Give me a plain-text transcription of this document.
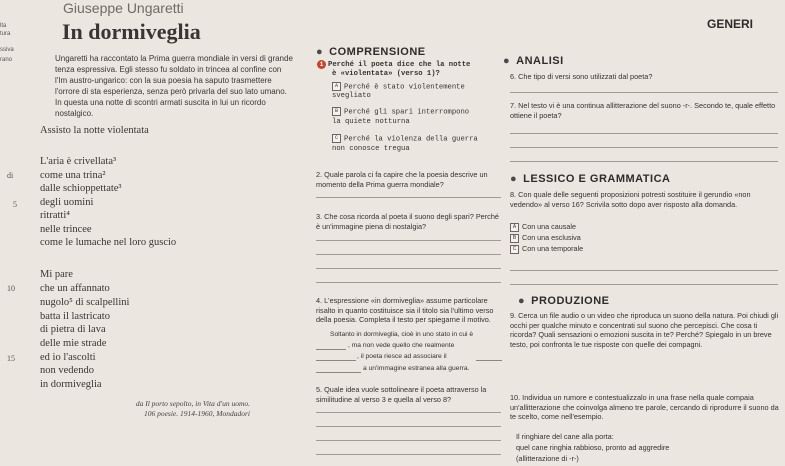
Giuseppe Ungaretti
In dormiveglia	GENERI
lta
tura
ssiva
rano	Ungaretti ha raccontato la Prima guerra mondiale in versi di grande tenza espressiva. Egli stesso fu soldato in trincea al confine con l'Im austro-ungarico: con la sua poesia ha saputo trasmettere l'orrore di sta esperienza, senza però privarla del suo lato umano. In questa una notte di scontri armati suscita in lui un ricordo nostalgico.
Assisto la notte violentata
L'aria è crivellata³
di	come una trina²
dalle schioppettate³
5 degli uomini
ritratti⁴
nelle trincee
come le lumache nel loro guscio
Mi pare
10 che un affannato
nugolo⁵ di scalpellini
batta il lastricato
di pietra di lava
delle mie strade
15 ed io l'ascolti
non vedendo
in dormiveglia
da Il porto sepolto, in Vita d'un uomo.
106 poesie. 1914-1960, Mondadori
● COMPRENSIONE
1 Perché il poeta dice che la notte
è «violentata» (verso 1)?
A Perché è stato violentemente
svegliato
B Perché gli spari interrompono
la quiete notturna
C Perché la violenza della guerra
non conosce tregua
2. Quale parola ci fa capire che la poesia descrive un momento della Prima guerra mondiale?
3. Che cosa ricorda al poeta il suono degli spari? Perché è un'immagine piena di nostalgia?
4. L'espressione «in dormiveglia» assume particolare risalto in quanto costituisce sia il titolo sia l'ultimo verso della poesia. Completa il testo per spiegarne il motivo.
Soltanto in dormiveglia, cioè in uno stato in cui è
, ma non vede quello che realmente
, il poeta riesce ad associare il
a un'immagine estranea alla guerra.
5. Quale idea vuole sottolineare il poeta attraverso la similitudine al verso 3 e quella al verso 8?
● ANALISI
6. Che tipo di versi sono utilizzati dal poeta?
7. Nel testo vi è una continua allitterazione del suono -r-. Secondo te, quale effetto ottiene il poeta?
● LESSICO E GRAMMATICA
8. Con quale delle seguenti proposizioni potresti sostituire il gerundio «non vedendo» al verso 16? Scrivila sotto dopo aver risposto alla domanda.
A Con una causale
B Con una esclusiva
C Con una temporale
● PRODUZIONE
9. Cerca un file audio o un video che riproduca un suono della natura. Poi chiudi gli occhi per qualche minuto e concentrati sul suono che percepisci. Che cosa ti ricorda? Quali sensazioni o emozioni suscita in te? Perché? Spiegalo in un breve testo, poi confronta le tue risposte con quelle dei compagni.
10. Individua un rumore e contestualizzalo in una frase nella quale compaia un'allitterazione che coinvolga almeno tre parole, cercando di riprodurre il suono da te scelto, come nell'esempio.
Il ringhiare del cane alla porta:
quel cane ringhia rabbioso, pronto ad aggredire
(allitterazione di -r-)
